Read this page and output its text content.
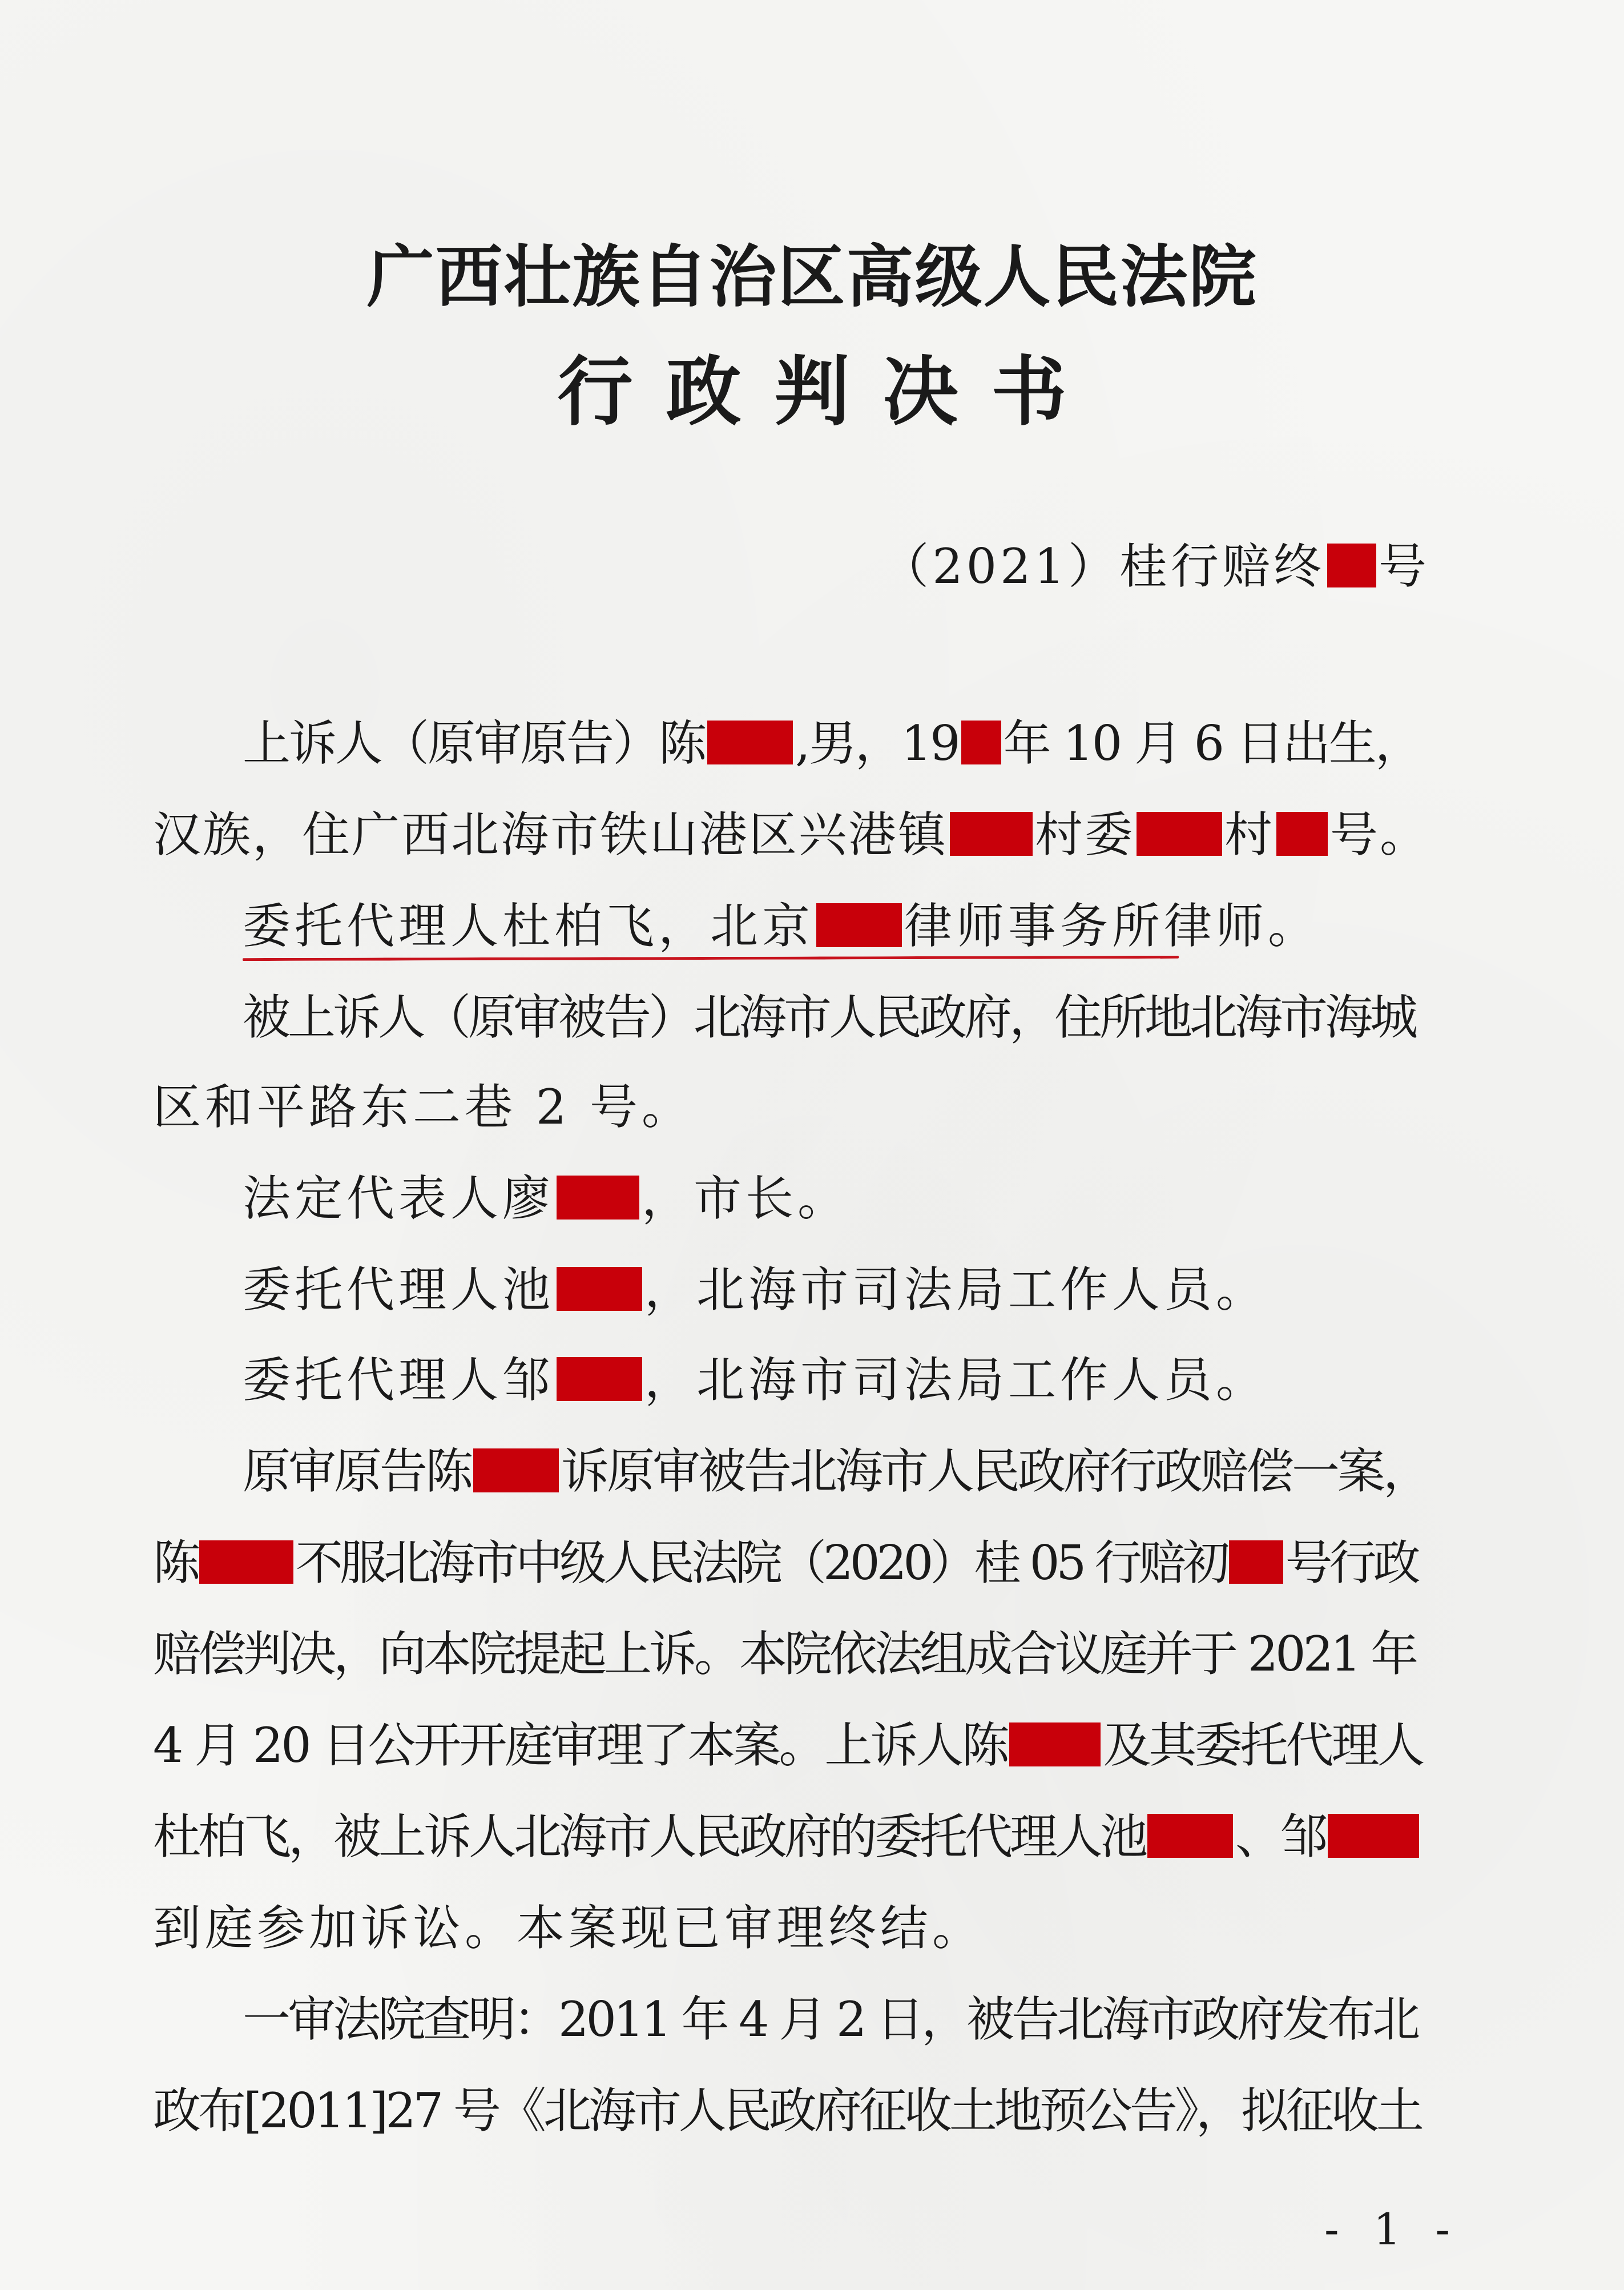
广西壮族自治区高级人民法院
行政判决书
（2021）桂行赔终 号
上诉人（原审原告）陈 ,男，19 年 10 月 6 日出生，
汉族，住广西北海市铁山港区兴港镇 村委 村 号。
委托代理人杜柏飞，北京 律师事务所律师。
被上诉人（原审被告）北海市人民政府，住所地北海市海城
区和平路东二巷 2 号。
法定代表人廖 ，市长。
委托代理人池 ，北海市司法局工作人员。
委托代理人邹 ，北海市司法局工作人员。
原审原告陈 诉原审被告北海市人民政府行政赔偿一案，
陈 不服北海市中级人民法院（2020）桂 05 行赔初 号行政
赔偿判决，向本院提起上诉。本院依法组成合议庭并于 2021 年
4 月 20 日公开开庭审理了本案。上诉人陈 及其委托代理人
杜柏飞，被上诉人北海市人民政府的委托代理人池 、邹
到庭参加诉讼。本案现已审理终结。
一审法院查明：2011 年 4 月 2 日，被告北海市政府发布北
政布[2011]27 号《北海市人民政府征收土地预公告》，拟征收土
- 1 -
